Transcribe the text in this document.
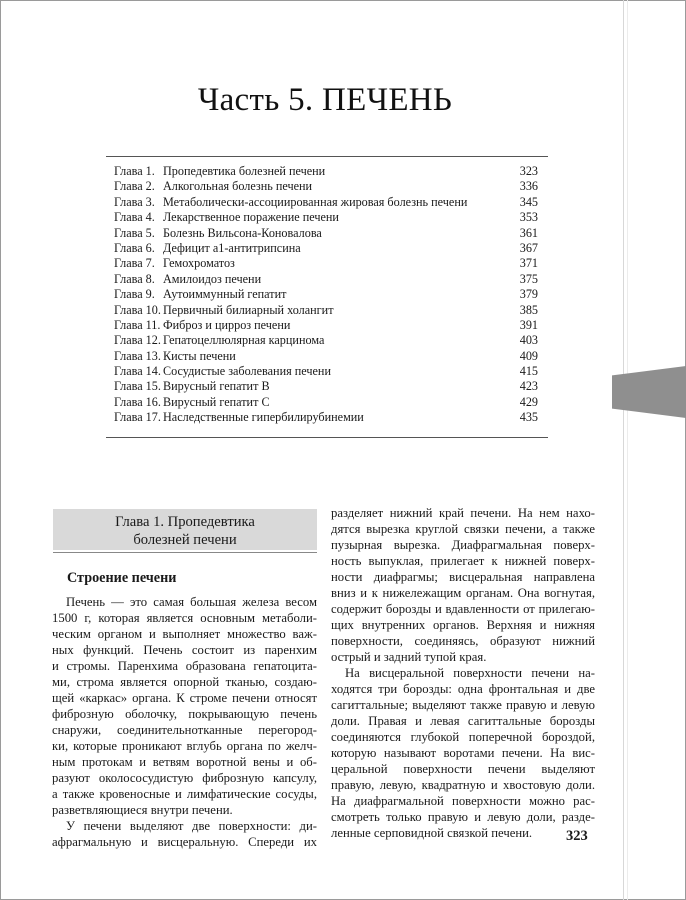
Часть 5. ПЕЧЕНЬ
Глава 1. Пропедевтика болезней печени	323
Глава 2. Алкогольная болезнь печени	336
Глава 3. Метаболически-ассоциированная жировая болезнь печени	345
Глава 4. Лекарственное поражение печени	353
Глава 5. Болезнь Вильсона-Коновалова	361
Глава 6. Дефицит а1-антитрипсина	367
Глава 7. Гемохроматоз	371
Глава 8. Амилоидоз печени	375
Глава 9. Аутоиммунный гепатит	379
Глава 10. Первичный билиарный холангит	385
Глава 11. Фиброз и цирроз печени	391
Глава 12. Гепатоцеллюлярная карцинома	403
Глава 13. Кисты печени	409
Глава 14. Сосудистые заболевания печени	415
Глава 15. Вирусный гепатит В	423
Глава 16. Вирусный гепатит С	429
Глава 17. Наследственные гипербилирубинемии	435
Глава 1. Пропедевтика
болезней печени
Строение печени
Печень — это самая большая железа весом
1500 г, которая является основным метаболи-
ческим органом и выполняет множество важ-
ных функций. Печень состоит из паренхим
и стромы. Паренхима образована гепатоцита-
ми, строма является опорной тканью, создаю-
щей «каркас» органа. К строме печени относят
фиброзную оболочку, покрывающую печень
снаружи, соединительнотканные перегород-
ки, которые проникают вглубь органа по желч-
ным протокам и ветвям воротной вены и об-
разуют околососудистую фиброзную капсулу,
а также кровеносные и лимфатические сосуды,
разветвляющиеся внутри печени.
У печени выделяют две поверхности: ди-
афрагмальную и висцеральную. Спереди их
разделяет нижний край печени. На нем нахо-
дятся вырезка круглой связки печени, а также
пузырная вырезка. Диафрагмальная поверх-
ность выпуклая, прилегает к нижней поверх-
ности диафрагмы; висцеральная направлена
вниз и к нижележащим органам. Она вогнутая,
содержит борозды и вдавленности от прилегаю-
щих внутренних органов. Верхняя и нижняя
поверхности, соединяясь, образуют нижний
острый и задний тупой края.
На висцеральной поверхности печени на-
ходятся три борозды: одна фронтальная и две
сагиттальные; выделяют также правую и левую
доли. Правая и левая сагиттальные борозды
соединяются глубокой поперечной бороздой,
которую называют воротами печени. На вис-
церальной поверхности печени выделяют
правую, левую, квадратную и хвостовую доли.
На диафрагмальной поверхности можно рас-
смотреть только правую и левую доли, разде-
ленные серповидной связкой печени.	323
